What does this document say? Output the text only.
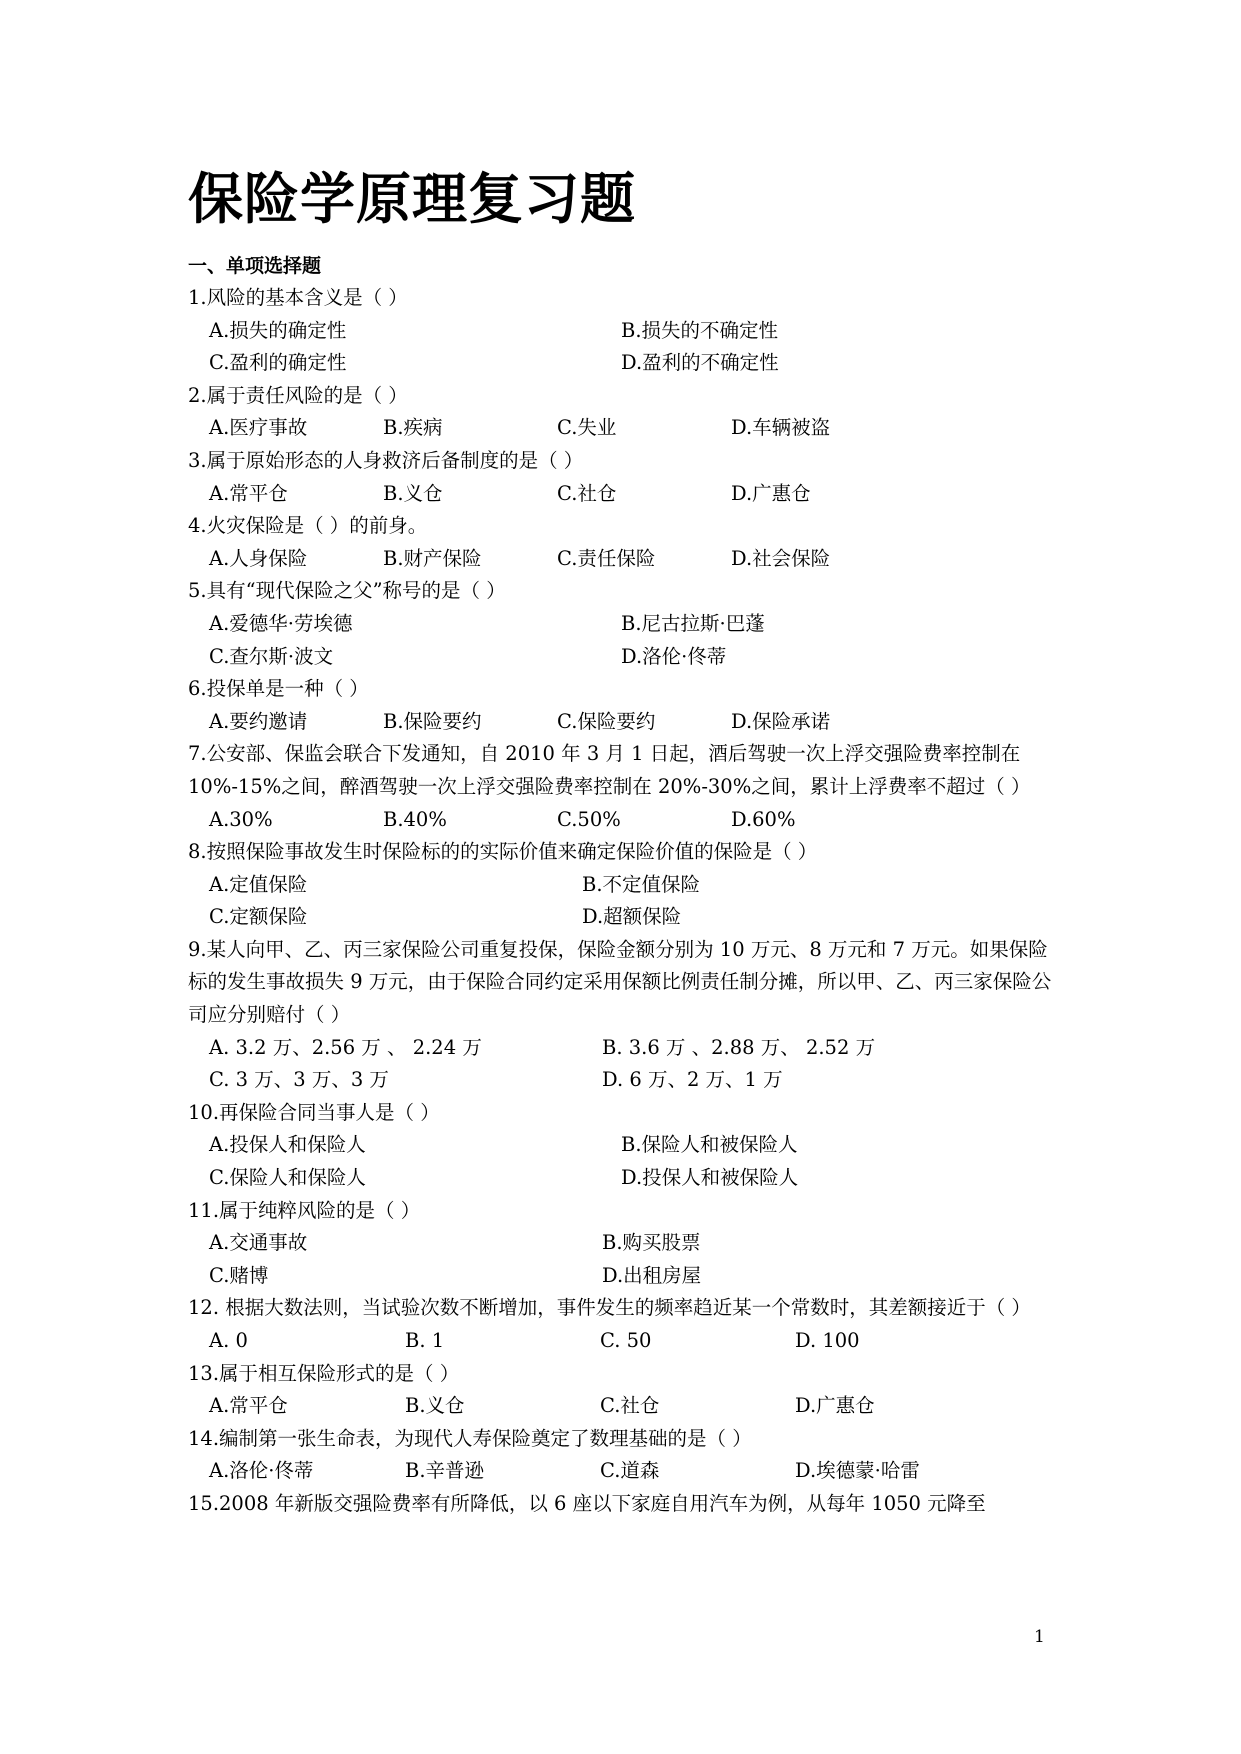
保险学原理复习题
一、单项选择题

1.风险的基本含义是（ ）

A.损失的确定性	B.损失的不确定性
C.盈利的确定性	D.盈利的不确定性

2.属于责任风险的是（ ）

A.医疗事故	B.疾病	C.失业	D.车辆被盗

3.属于原始形态的人身救济后备制度的是（ ）

A.常平仓	B.义仓	C.社仓	D.广惠仓

4.火灾保险是（ ）的前身。

A.人身保险	B.财产保险	C.责任保险	D.社会保险

5.具有“现代保险之父”称号的是（ ）

A.爱德华·劳埃德	B.尼古拉斯·巴蓬
C.查尔斯·波文	D.洛伦·佟蒂

6.投保单是一种（ ）

A.要约邀请	B.保险要约	C.保险要约	D.保险承诺

7.公安部、保监会联合下发通知，自 2010 年 3 月 1 日起，酒后驾驶一次上浮交强险费率控制在 10%-15%之间，醉酒驾驶一次上浮交强险费率控制在 20%-30%之间，累计上浮费率不超过（ ）

A.30%	B.40%	C.50%	D.60%

8.按照保险事故发生时保险标的的实际价值来确定保险价值的保险是（ ）

A.定值保险	B.不定值保险
C.定额保险	D.超额保险

9.某人向甲、乙、丙三家保险公司重复投保，保险金额分别为 10 万元、8 万元和 7 万元。如果保险标的发生事故损失 9 万元，由于保险合同约定采用保额比例责任制分摊，所以甲、乙、丙三家保险公司应分别赔付（ ）

A. 3.2 万、2.56 万 、 2.24 万	B. 3.6 万 、2.88 万、 2.52 万
C. 3 万、3 万、3 万	D. 6 万、2 万、1 万

10.再保险合同当事人是（ ）

A.投保人和保险人	B.保险人和被保险人
C.保险人和保险人	D.投保人和被保险人

11.属于纯粹风险的是（ ）

A.交通事故	B.购买股票
C.赌博	D.出租房屋

12. 根据大数法则，当试验次数不断增加，事件发生的频率趋近某一个常数时，其差额接近于（ ）

A. 0	B. 1	C. 50	D. 100

13.属于相互保险形式的是（ ）

A.常平仓	B.义仓	C.社仓	D.广惠仓

14.编制第一张生命表，为现代人寿保险奠定了数理基础的是（ ）

A.洛伦·佟蒂	B.辛普逊	C.道森	D.埃德蒙·哈雷

15.2008 年新版交强险费率有所降低，以 6 座以下家庭自用汽车为例，从每年 1050 元降至

1
